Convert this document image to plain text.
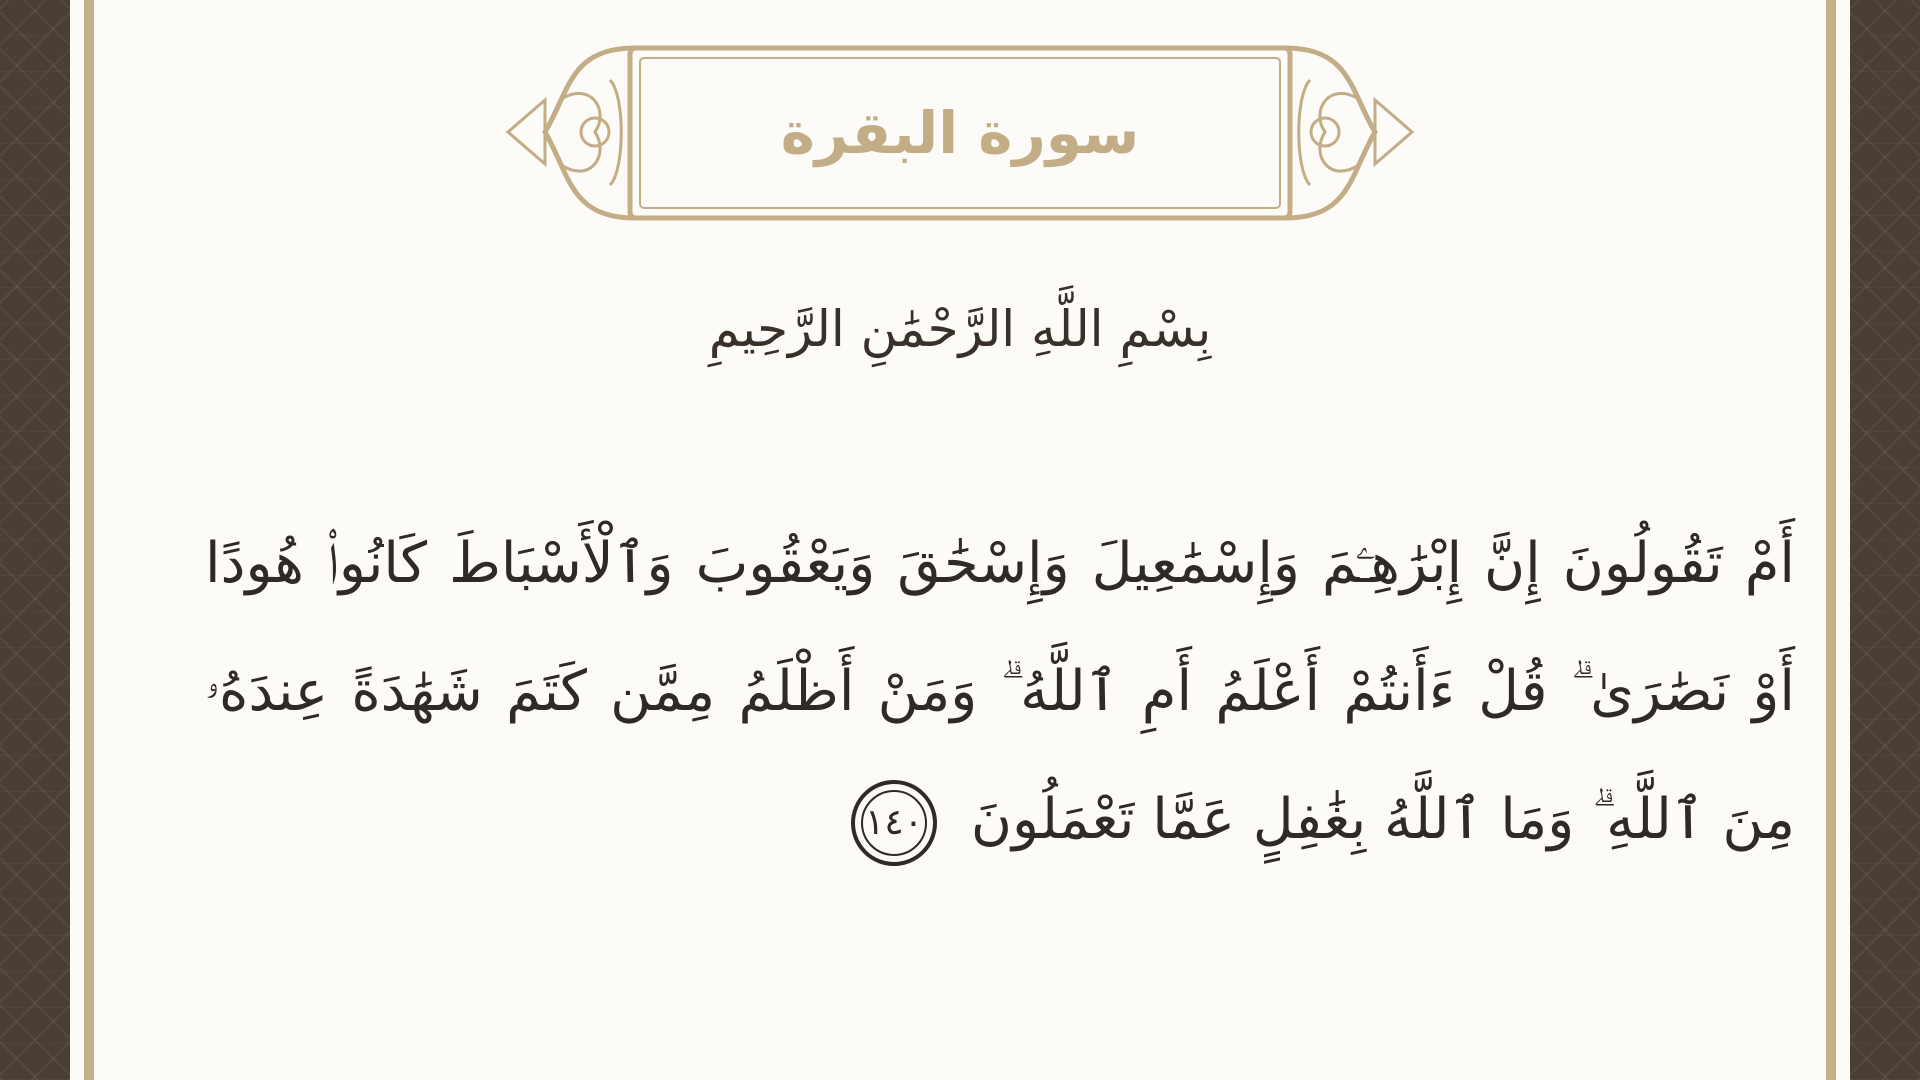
سورة البقرة
بِسْمِ اللَّهِ الرَّحْمَٰنِ الرَّحِيمِ
أَمْ تَقُولُونَ إِنَّ إِبْرَٰهِـۧمَ وَإِسْمَٰعِيلَ وَإِسْحَٰقَ وَيَعْقُوبَ وَٱلْأَسْبَاطَ كَانُوا۟ هُودًا أَوْ نَصَٰرَىٰ ۗ قُلْ ءَأَنتُمْ أَعْلَمُ أَمِ ٱللَّهُ ۗ وَمَنْ أَظْلَمُ مِمَّن كَتَمَ شَهَٰدَةً عِندَهُۥ مِنَ ٱللَّهِ ۗ وَمَا ٱللَّهُ بِغَٰفِلٍ عَمَّا تَعْمَلُونَ ١٤٠
